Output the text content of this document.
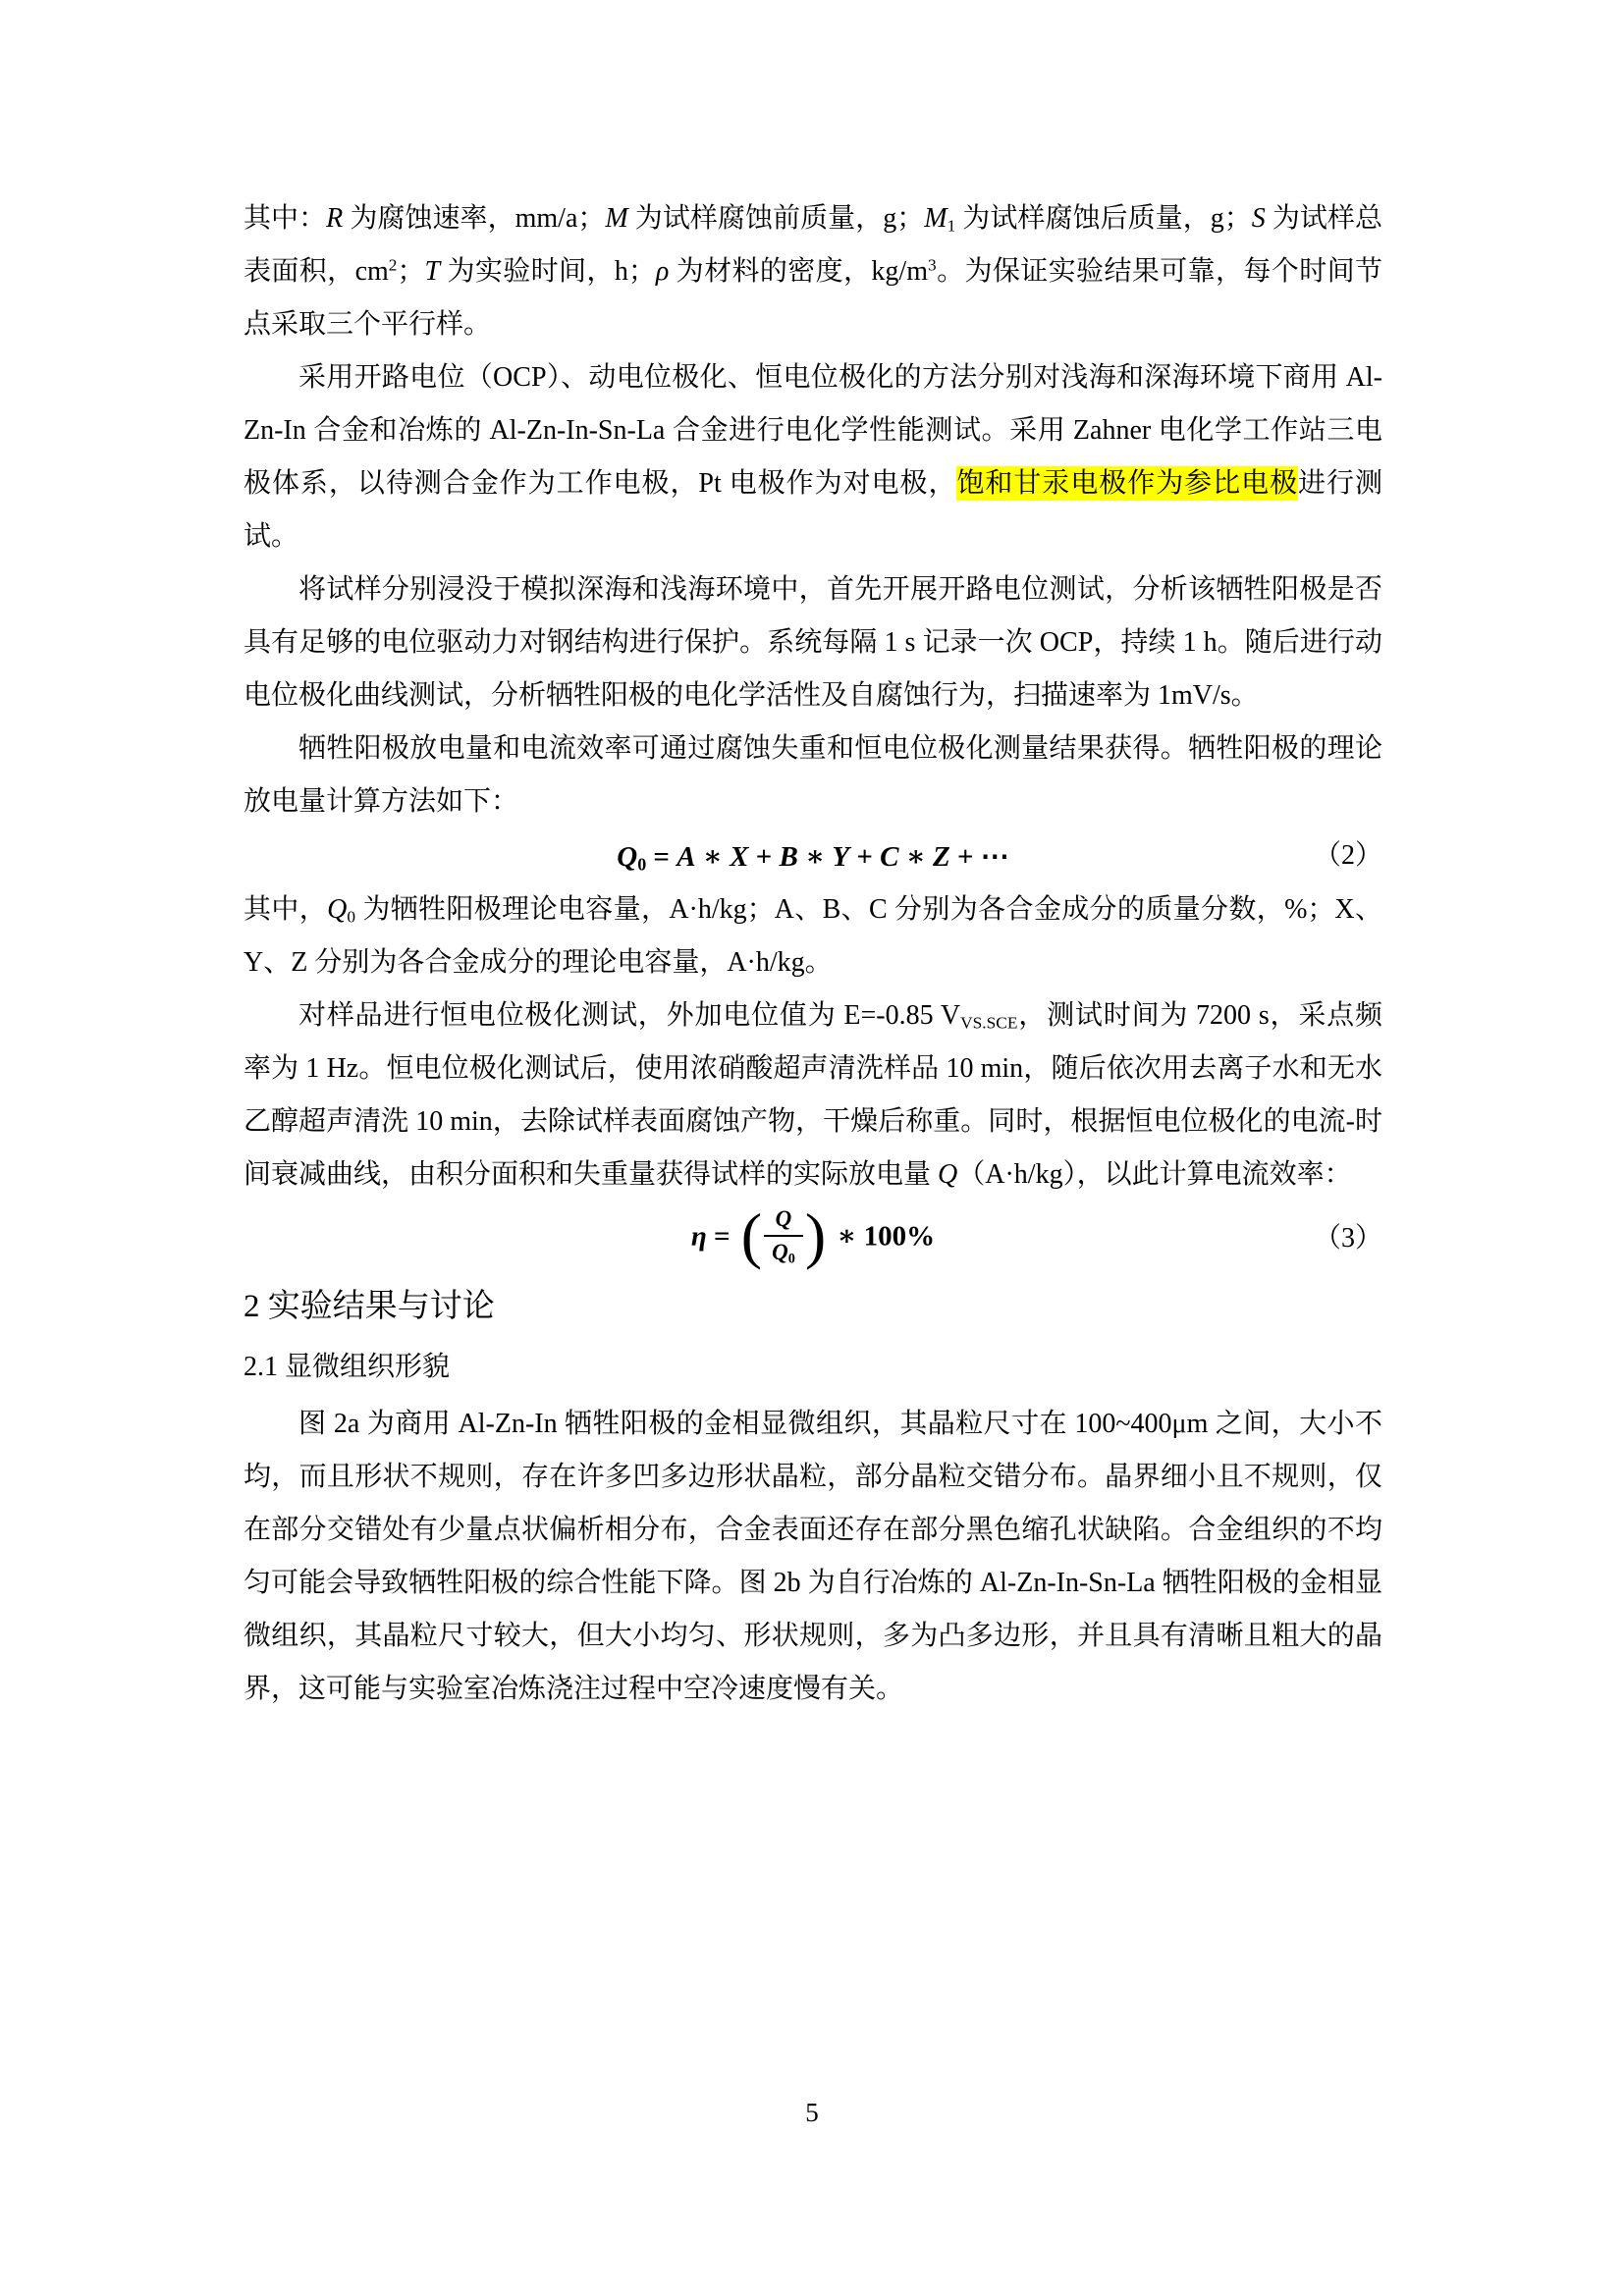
其中：R 为腐蚀速率，mm/a；M 为试样腐蚀前质量，g；$M_1$ 为试样腐蚀后质量，g；S 为试样总表面积，$cm^2$；T 为实验时间，h；ρ 为材料的密度，$kg/m^3$。为保证实验结果可靠，每个时间节点采取三个平行样。

采用开路电位（OCP）、动电位极化、恒电位极化的方法分别对浅海和深海环境下商用 Al-Zn-In 合金和冶炼的 Al-Zn-In-Sn-La 合金进行电化学性能测试。采用 Zahner 电化学工作站三电极体系，以待测合金作为工作电极，Pt 电极作为对电极，饱和甘汞电极作为参比电极进行测试。

将试样分别浸没于模拟深海和浅海环境中，首先开展开路电位测试，分析该牺牲阳极是否具有足够的电位驱动力对钢结构进行保护。系统每隔 1 s 记录一次 OCP，持续 1 h。随后进行动电位极化曲线测试，分析牺牲阳极的电化学活性及自腐蚀行为，扫描速率为 1mV/s。

牺牲阳极放电量和电流效率可通过腐蚀失重和恒电位极化测量结果获得。牺牲阳极的理论放电量计算方法如下：

$Q_0 = A$ ∗ X + B ∗ Y + C ∗ Z + ⋯	（2）

其中，$Q_0$ 为牺牲阳极理论电容量，A·h/kg；A、B、C 分别为各合金成分的质量分数，%；X、Y、Z 分别为各合金成分的理论电容量，A·h/kg。

对样品进行恒电位极化测试，外加电位值为 E=-0.85 $V_{VS.SCE}$，测试时间为 7200 s，采点频率为 1 Hz。恒电位极化测试后，使用浓硝酸超声清洗样品 10 min，随后依次用去离子水和无水乙醇超声清洗 10 min，去除试样表面腐蚀产物，干燥后称重。同时，根据恒电位极化的电流-时间衰减曲线，由积分面积和失重量获得试样的实际放电量 Q（A·h/kg），以此计算电流效率：

η = ( $\frac{Q}{Q_0}$ ) ∗ 100%	（3）
2 实验结果与讨论
2.1 显微组织形貌

图 2a 为商用 Al-Zn-In 牺牲阳极的金相显微组织，其晶粒尺寸在 100~400μm 之间，大小不均，而且形状不规则，存在许多凹多边形状晶粒，部分晶粒交错分布。晶界细小且不规则，仅在部分交错处有少量点状偏析相分布，合金表面还存在部分黑色缩孔状缺陷。合金组织的不均匀可能会导致牺牲阳极的综合性能下降。图 2b 为自行冶炼的 Al-Zn-In-Sn-La 牺牲阳极的金相显微组织，其晶粒尺寸较大，但大小均匀、形状规则，多为凸多边形，并且具有清晰且粗大的晶界，这可能与实验室冶炼浇注过程中空冷速度慢有关。

5
